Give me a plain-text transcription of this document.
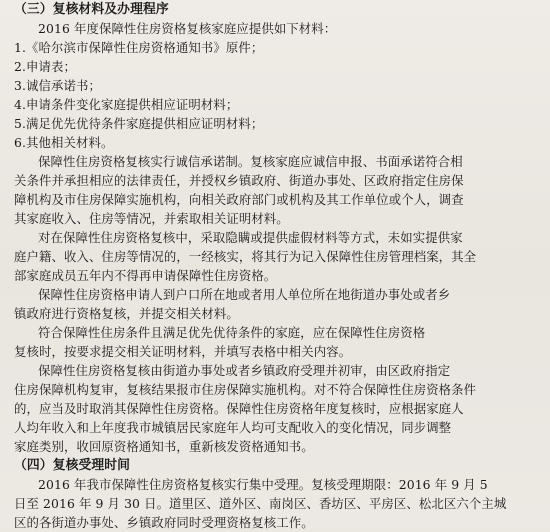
（三）复核材料及办理程序
2016 年度保障性住房资格复核家庭应提供如下材料：
1.《哈尔滨市保障性住房资格通知书》原件；
2.申请表；
3.诚信承诺书；
4.申请条件变化家庭提供相应证明材料；
5.满足优先优待条件家庭提供相应证明材料；
6.其他相关材料。
保障性住房资格复核实行诚信承诺制。复核家庭应诚信申报、书面承诺符合相
关条件并承担相应的法律责任，并授权乡镇政府、街道办事处、区政府指定住房保
障机构及市住房保障实施机构，向相关政府部门或机构及其工作单位或个人，调查
其家庭收入、住房等情况，并索取相关证明材料。
对在保障性住房资格复核中，采取隐瞒或提供虚假材料等方式，未如实提供家
庭户籍、收入、住房等情况的，一经核实，将其行为记入保障性住房管理档案，其全
部家庭成员五年内不得再申请保障性住房资格。
保障性住房资格申请人到户口所在地或者用人单位所在地街道办事处或者乡
镇政府进行资格复核，并提交相关材料。
符合保障性住房条件且满足优先优待条件的家庭，应在保障性住房资格
复核时，按要求提交相关证明材料，并填写表格中相关内容。
保障性住房资格复核由街道办事处或者乡镇政府受理并初审，由区政府指定
住房保障机构复审，复核结果报市住房保障实施机构。对不符合保障性住房资格条件
的，应当及时取消其保障性住房资格。保障性住房资格年度复核时，应根据家庭人
人均年收入和上年度我市城镇居民家庭年人均可支配收入的变化情况，同步调整
家庭类别，收回原资格通知书，重新核发资格通知书。
（四）复核受理时间
2016 年我市保障性住房资格复核实行集中受理。复核受理期限：2016 年 9 月 5
日至 2016 年 9 月 30 日。道里区、道外区、南岗区、香坊区、平房区、松北区六个主城
区的各街道办事处、乡镇政府同时受理资格复核工作。
